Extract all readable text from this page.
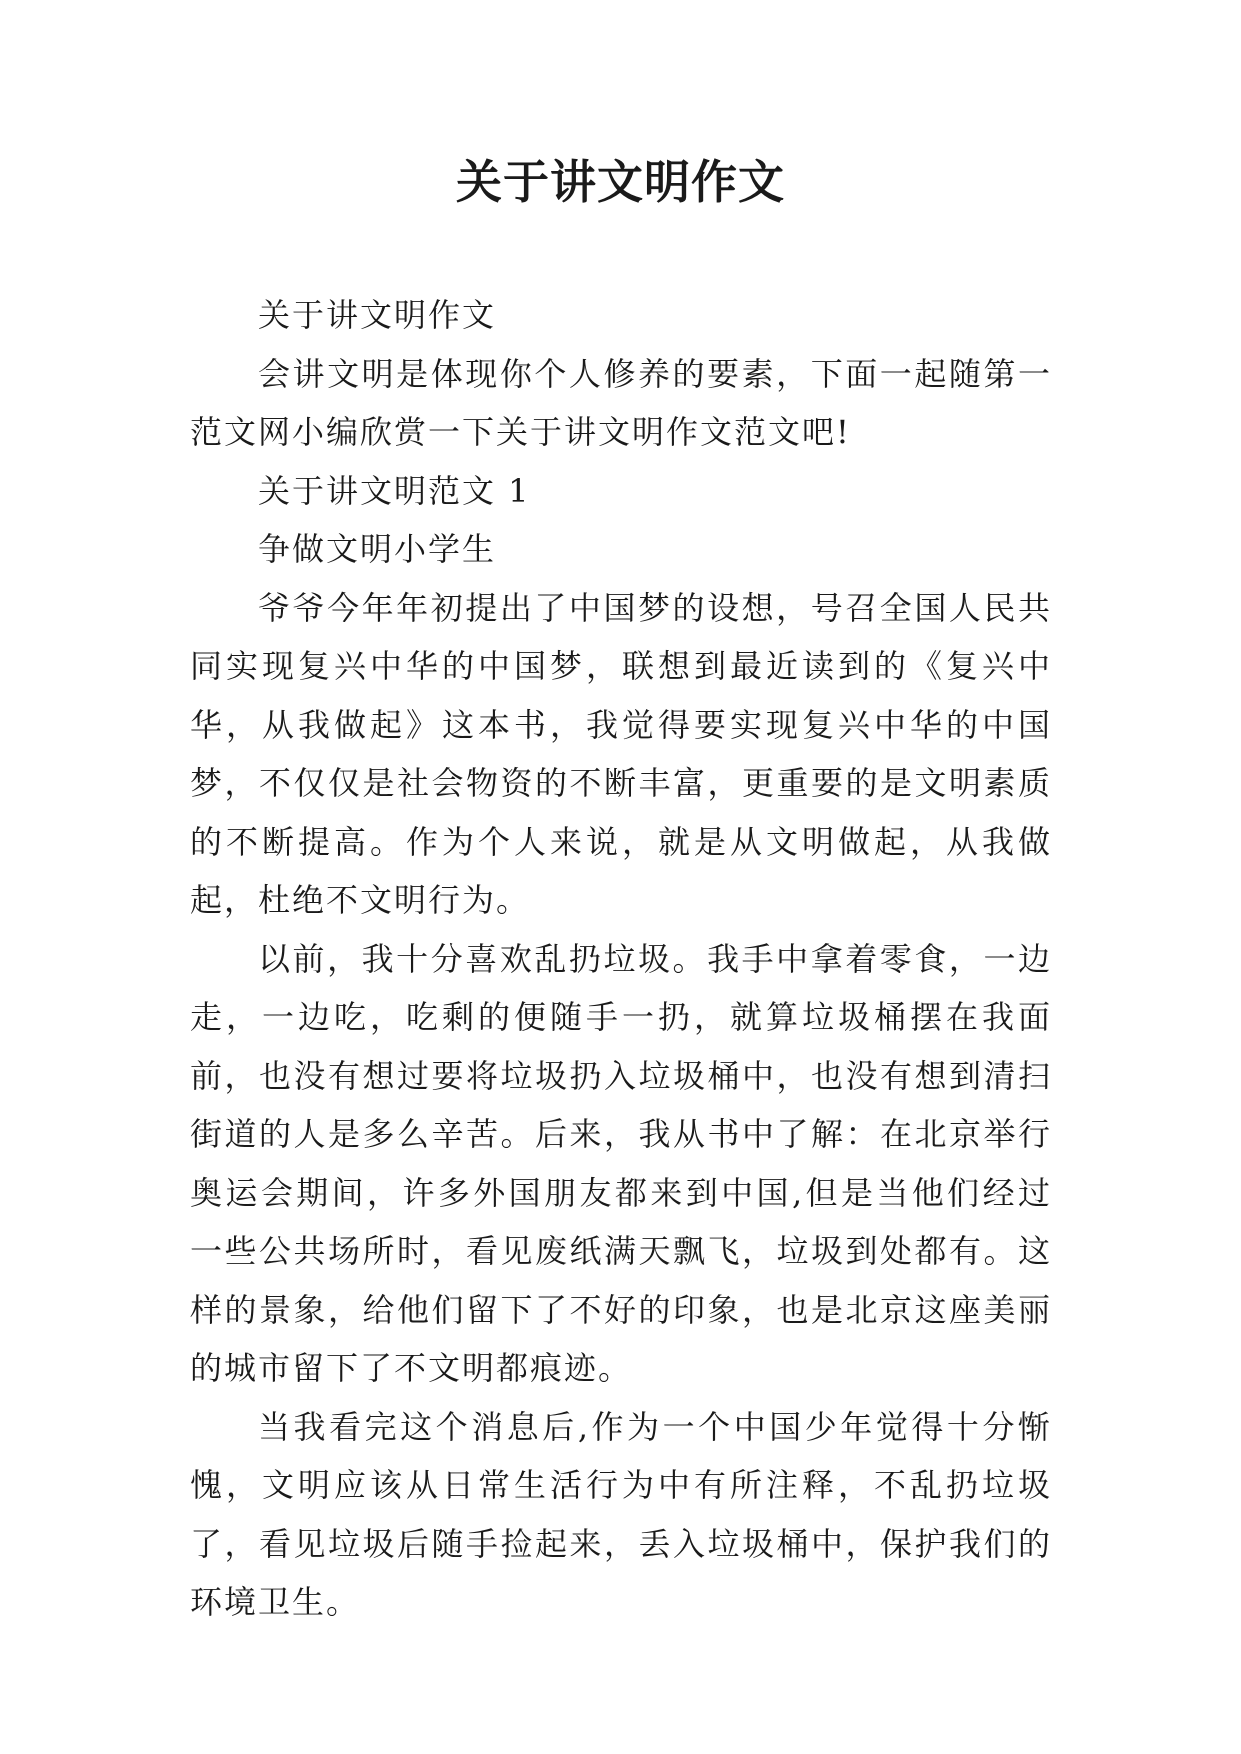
关于讲文明作文

关于讲文明作文

会讲文明是体现你个人修养的要素，下面一起随第一范文网小编欣赏一下关于讲文明作文范文吧!

关于讲文明范文 1

争做文明小学生

爷爷今年年初提出了中国梦的设想，号召全国人民共同实现复兴中华的中国梦，联想到最近读到的《复兴中华，从我做起》这本书，我觉得要实现复兴中华的中国梦，不仅仅是社会物资的不断丰富，更重要的是文明素质的不断提高。作为个人来说，就是从文明做起，从我做起，杜绝不文明行为。

以前，我十分喜欢乱扔垃圾。我手中拿着零食，一边走，一边吃，吃剩的便随手一扔，就算垃圾桶摆在我面前，也没有想过要将垃圾扔入垃圾桶中，也没有想到清扫街道的人是多么辛苦。后来，我从书中了解：在北京举行奥运会期间，许多外国朋友都来到中国,但是当他们经过一些公共场所时，看见废纸满天飘飞，垃圾到处都有。这样的景象，给他们留下了不好的印象，也是北京这座美丽的城市留下了不文明都痕迹。

当我看完这个消息后,作为一个中国少年觉得十分惭愧，文明应该从日常生活行为中有所注释，不乱扔垃圾了，看见垃圾后随手捡起来，丢入垃圾桶中，保护我们的环境卫生。
